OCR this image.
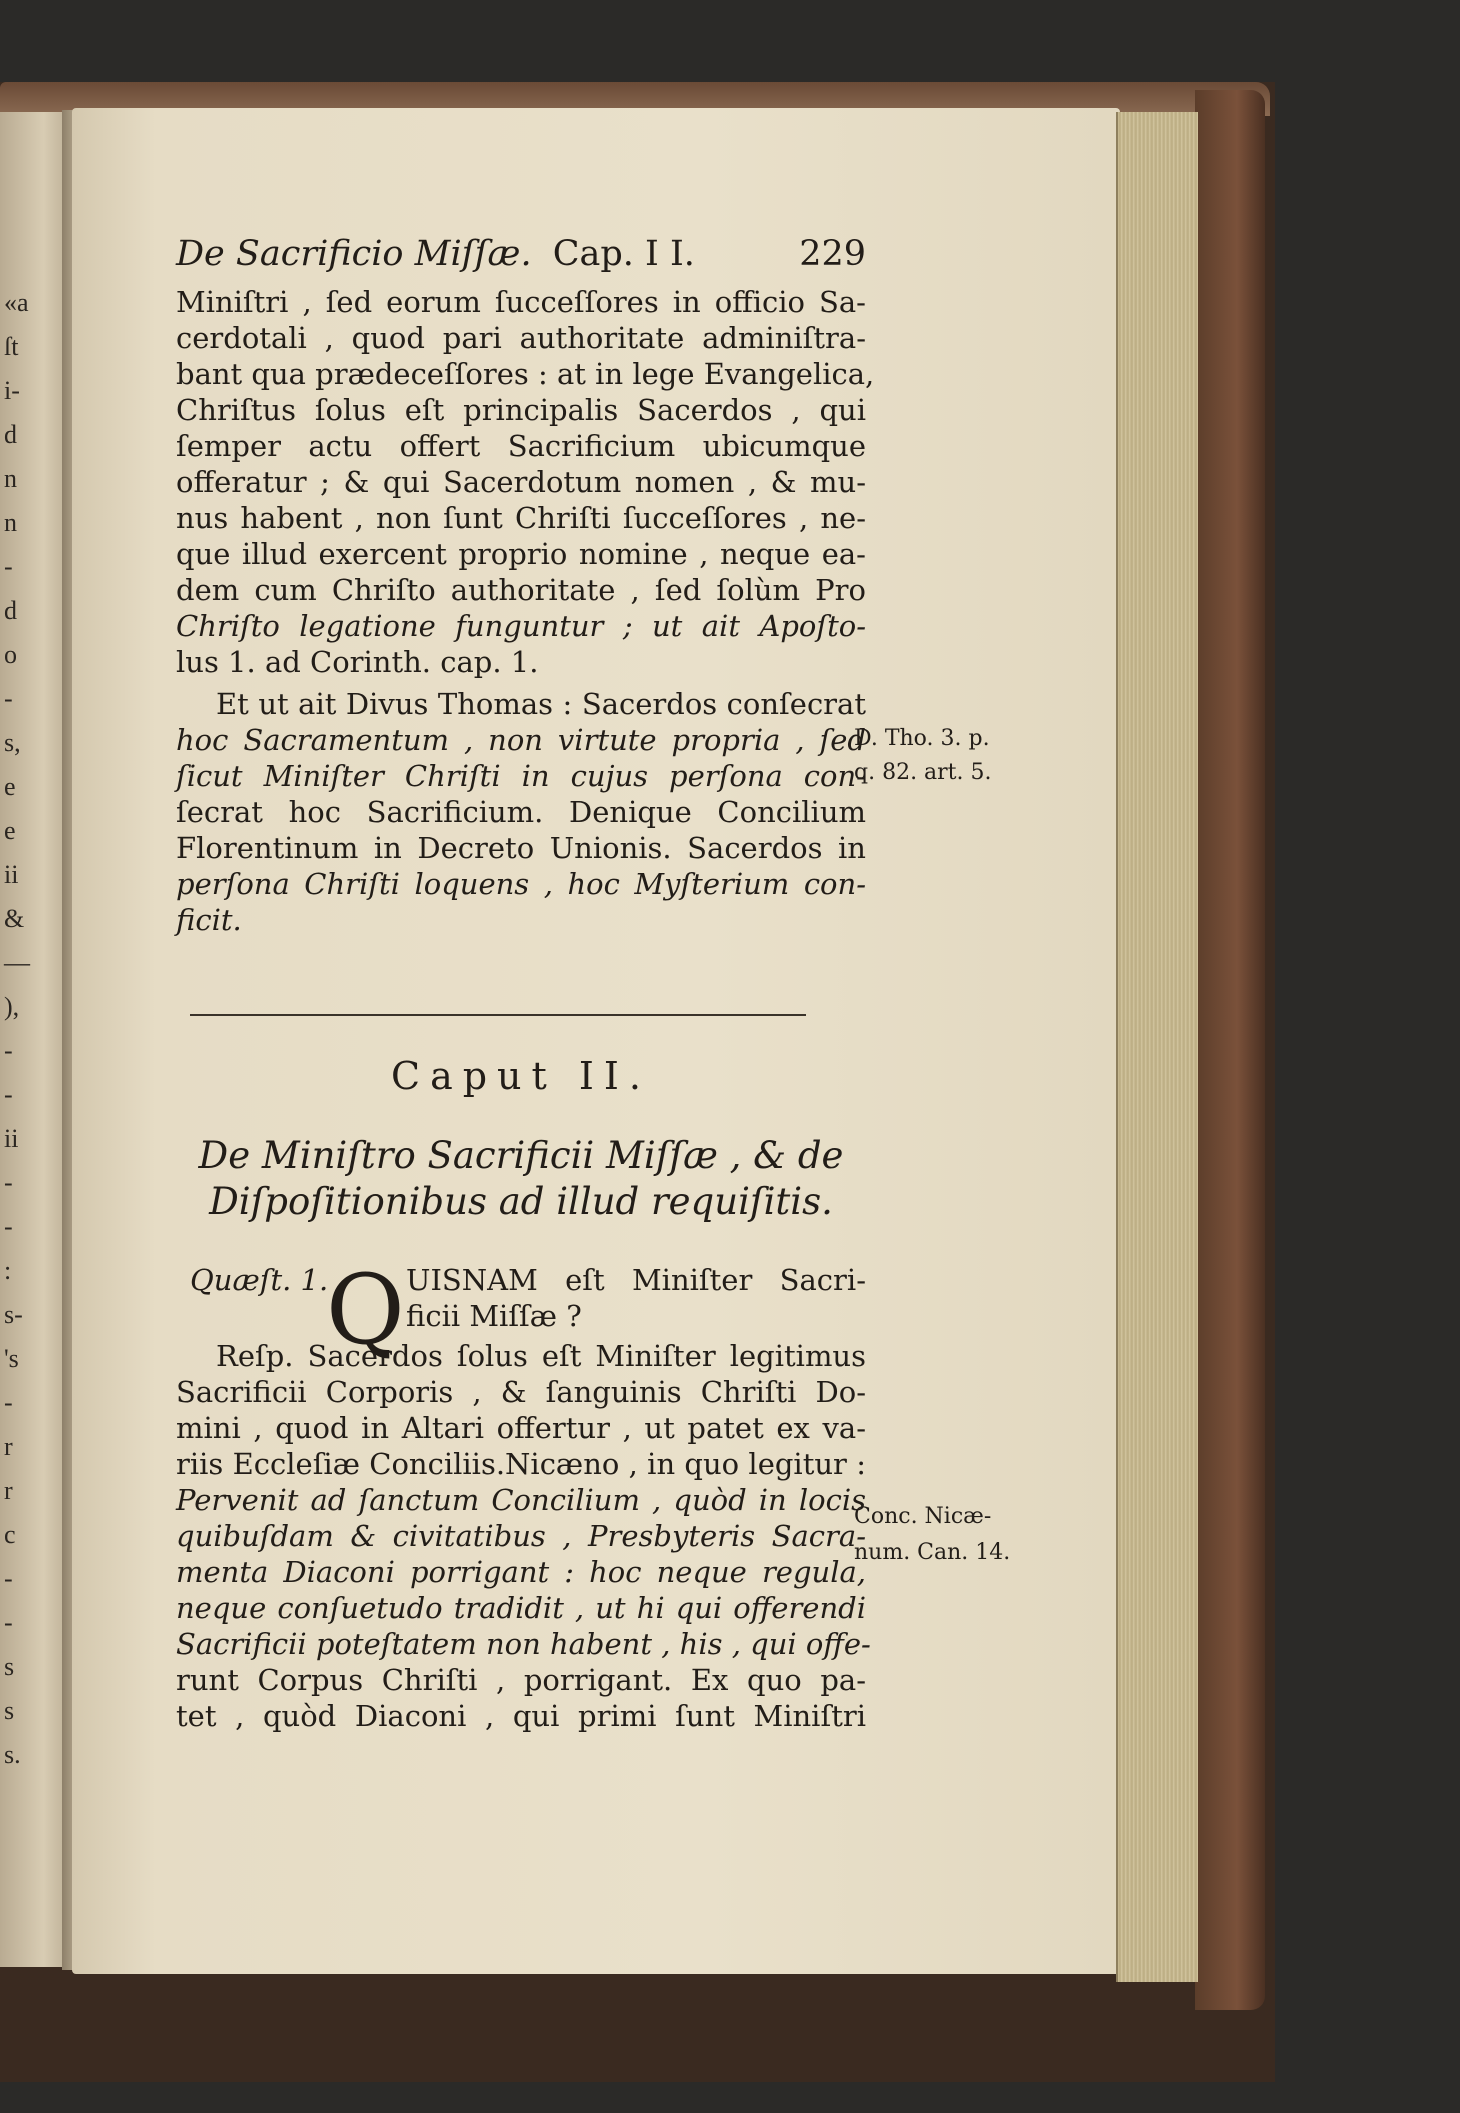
«a
ſt
i-
d
n
n
-
d
o
-
s,
e
e
ii
&
—
),
-
-
ii
-
-
:
s-
's
-
r
r
c
-
-
s
s
s.
De Sacrificio Miſſæ. Cap. I I.	229
Miniſtri , ſed eorum ſucceſſores in officio Sa-
cerdotali , quod pari authoritate adminiſtra-
bant qua prædeceſſores : at in lege Evangelica,
Chriſtus ſolus eſt principalis Sacerdos , qui
ſemper actu offert Sacrificium ubicumque
offeratur ; & qui Sacerdotum nomen , & mu-
nus habent , non ſunt Chriſti ſucceſſores , ne-
que illud exercent proprio nomine , neque ea-
dem cum Chriſto authoritate , ſed ſolùm Pro
Chriſto legatione funguntur ; ut ait Apoſto-
lus 1. ad Corinth. cap. 1.
Et ut ait Divus Thomas : Sacerdos conſecrat
hoc Sacramentum , non virtute propria , ſed
ſicut Miniſter Chriſti in cujus perſona con-
ſecrat hoc Sacrificium. Denique Concilium
Florentinum in Decreto Unionis. Sacerdos in
perſona Chriſti loquens , hoc Myſterium con-
ficit.
D. Tho. 3. p.
q. 82. art. 5.
Caput II.
De Miniſtro Sacrificii Miſſæ , & de
Diſpoſitionibus ad illud requiſitis.
Quæſt. 1.	UISNAM eſt Miniſter Sacri-
ficii Miſſæ ?
Q
Reſp. Sacerdos ſolus eſt Miniſter legitimus
Sacrificii Corporis , & ſanguinis Chriſti Do-
mini , quod in Altari offertur , ut patet ex va-
riis Eccleſiæ Conciliis.Nicæno , in quo legitur :
Pervenit ad ſanctum Concilium , quòd in locis
quibuſdam & civitatibus , Presbyteris Sacra-
menta Diaconi porrigant : hoc neque regula,
neque conſuetudo tradidit , ut hi qui offerendi
Sacrificii poteſtatem non habent , his , qui offe-
runt Corpus Chriſti , porrigant. Ex quo pa-
tet , quòd Diaconi , qui primi ſunt Miniſtri
Conc. Nicæ-
num. Can. 14.
